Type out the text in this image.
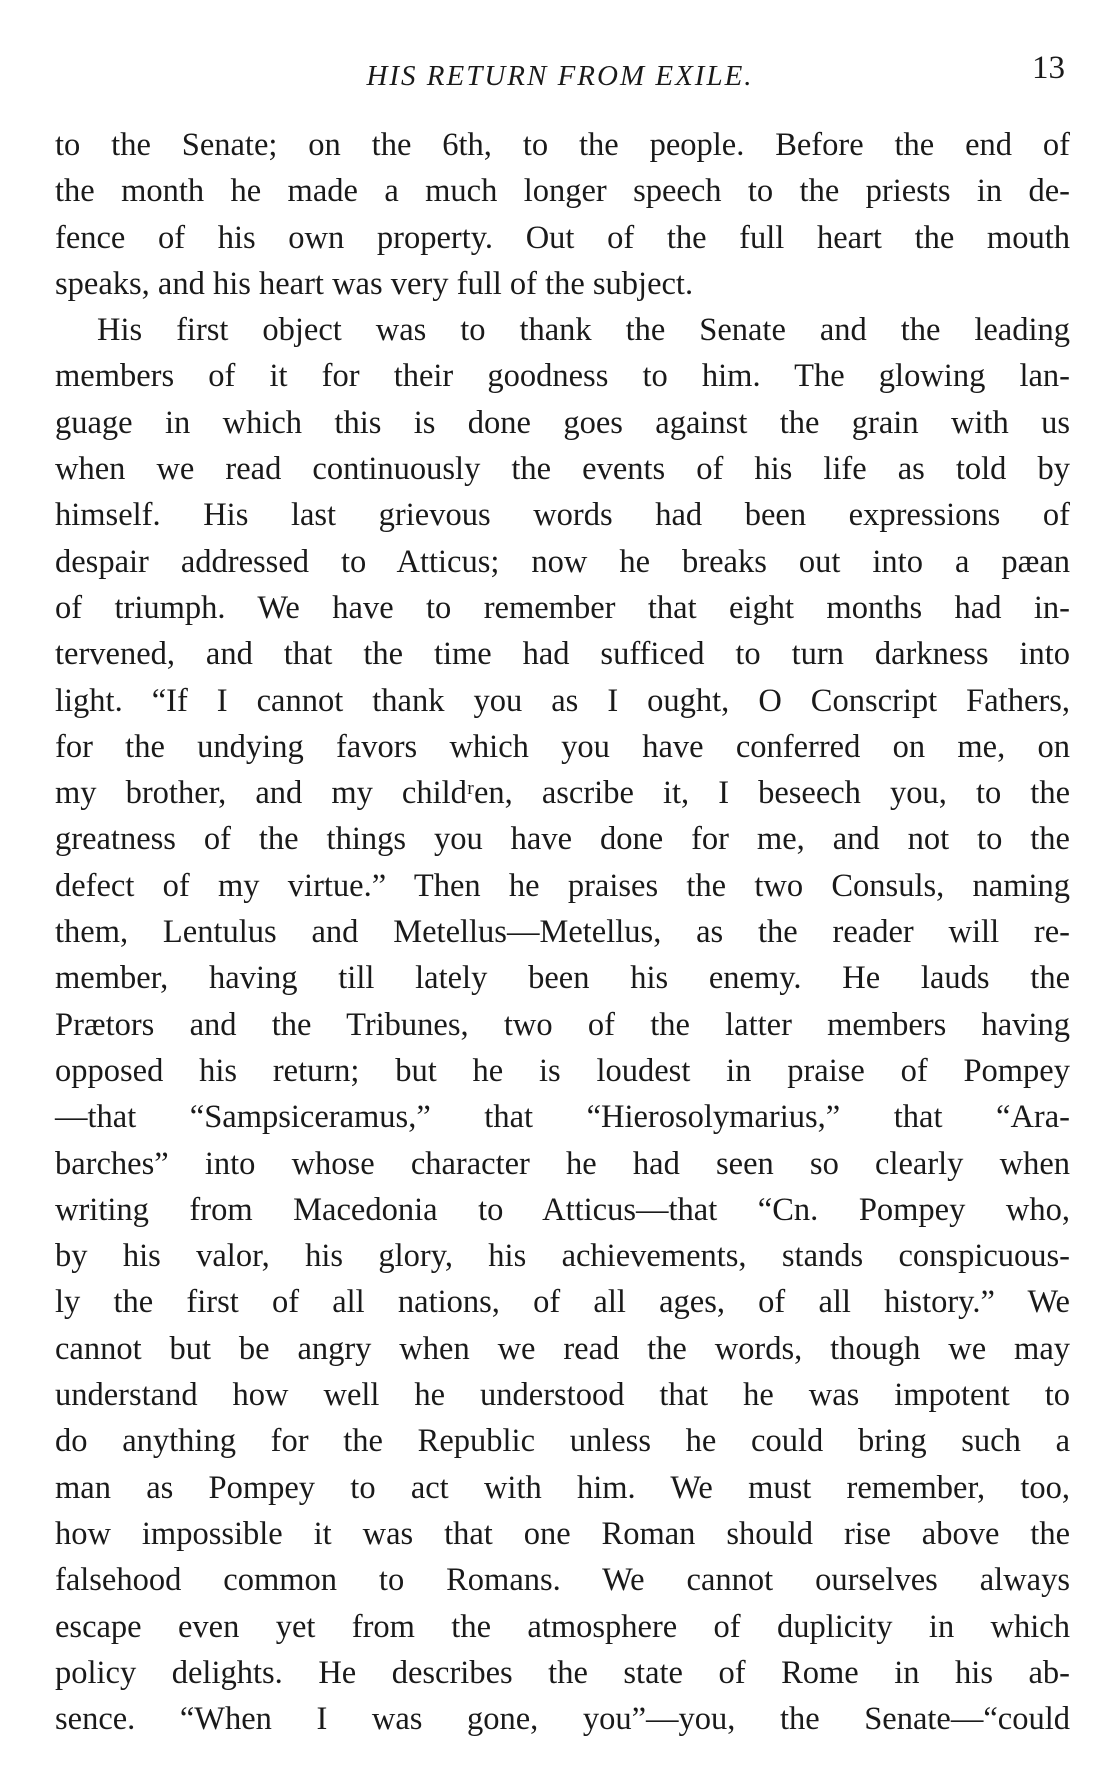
HIS RETURN FROM EXILE.	13
to the Senate; on the 6th, to the people. Before the end of
the month he made a much longer speech to the priests in de-
fence of his own property. Out of the full heart the mouth
speaks, and his heart was very full of the subject.
His first object was to thank the Senate and the leading
members of it for their goodness to him. The glowing lan-
guage in which this is done goes against the grain with us
when we read continuously the events of his life as told by
himself. His last grievous words had been expressions of
despair addressed to Atticus; now he breaks out into a pæan
of triumph. We have to remember that eight months had in-
tervened, and that the time had sufficed to turn darkness into
light. “If I cannot thank you as I ought, O Conscript Fathers,
for the undying favors which you have conferred on me, on
my brother, and my childʳen, ascribe it, I beseech you, to the
greatness of the things you have done for me, and not to the
defect of my virtue.” Then he praises the two Consuls, naming
them, Lentulus and Metellus—Metellus, as the reader will re-
member, having till lately been his enemy. He lauds the
Prætors and the Tribunes, two of the latter members having
opposed his return; but he is loudest in praise of Pompey
—that “Sampsiceramus,” that “Hierosolymarius,” that “Ara-
barches” into whose character he had seen so clearly when
writing from Macedonia to Atticus—that “Cn. Pompey who,
by his valor, his glory, his achievements, stands conspicuous-
ly the first of all nations, of all ages, of all history.” We
cannot but be angry when we read the words, though we may
understand how well he understood that he was impotent to
do anything for the Republic unless he could bring such a
man as Pompey to act with him. We must remember, too,
how impossible it was that one Roman should rise above the
falsehood common to Romans. We cannot ourselves always
escape even yet from the atmosphere of duplicity in which
policy delights. He describes the state of Rome in his ab-
sence. “When I was gone, you”—you, the Senate—“could
